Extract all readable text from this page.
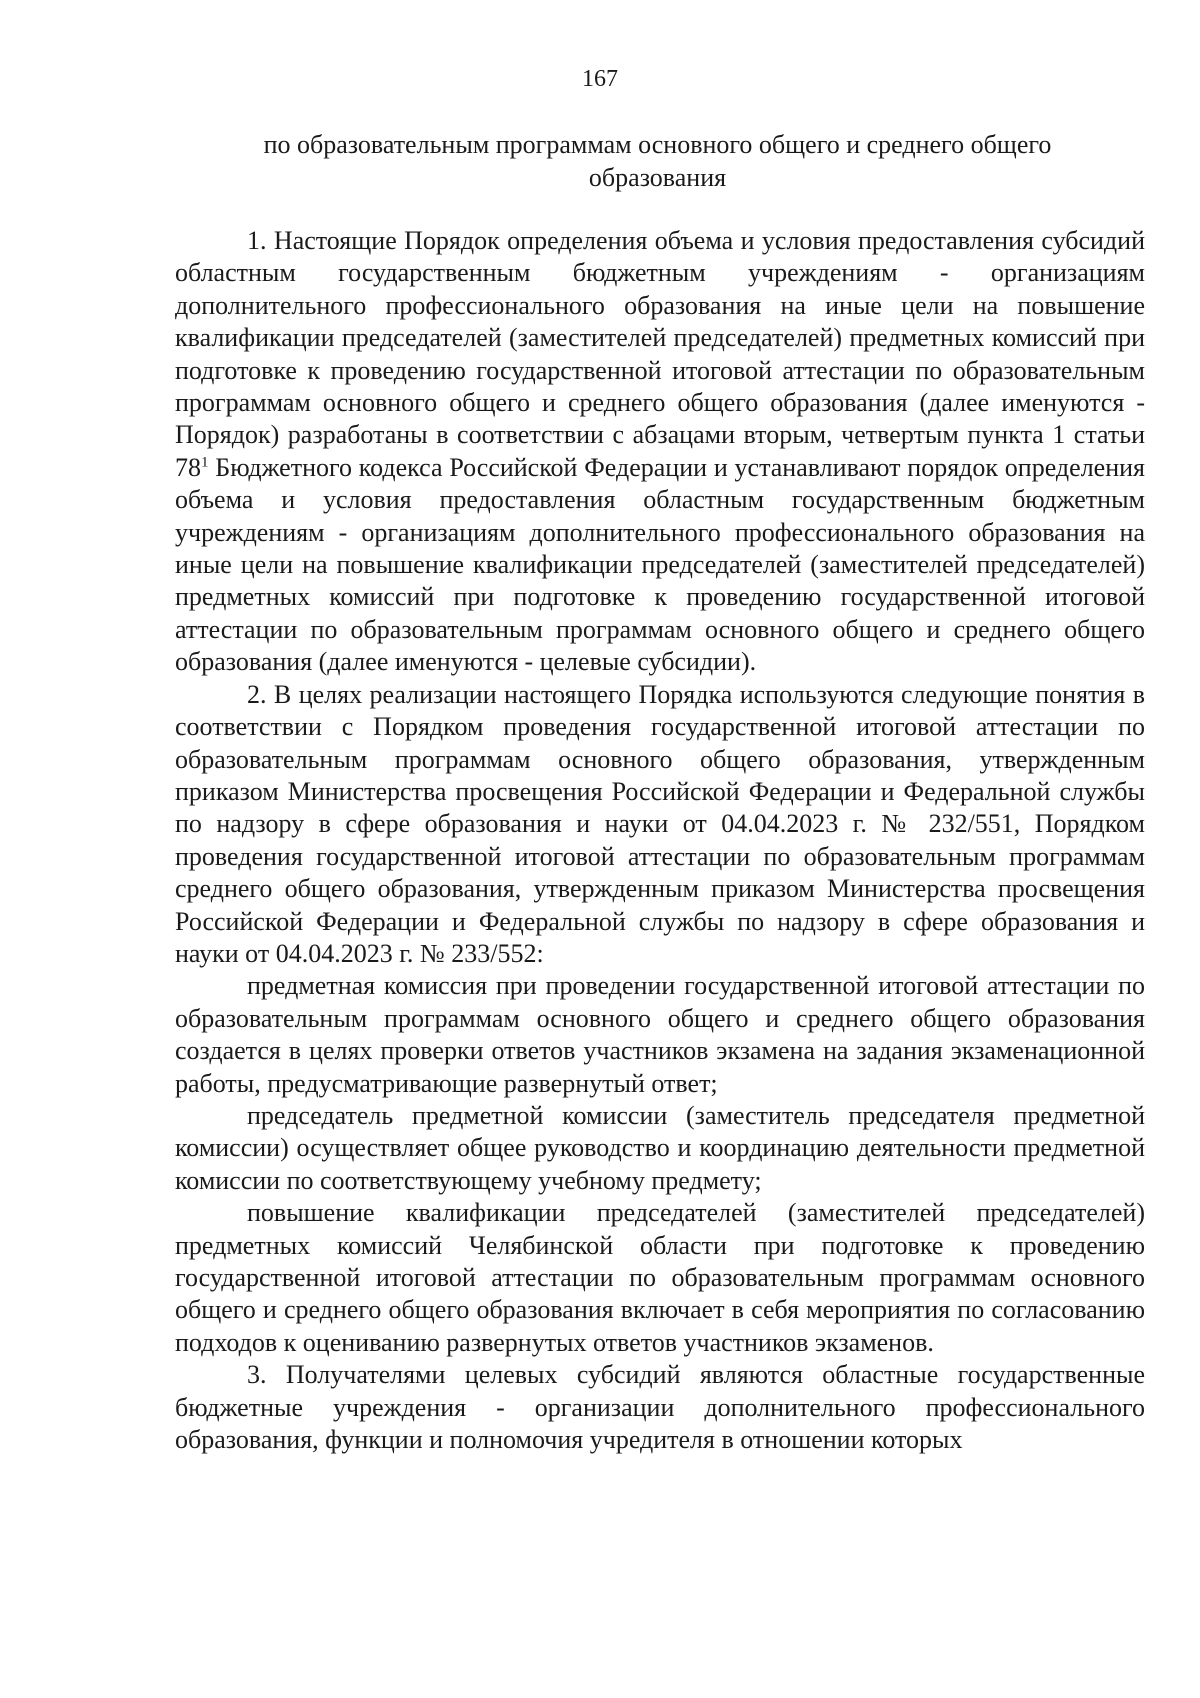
167
по образовательным программам основного общего и среднего общего
образования

1. Настоящие Порядок определения объема и условия предоставления субсидий областным государственным бюджетным учреждениям - организациям дополнительного профессионального образования на иные цели на повышение квалификации председателей (заместителей председателей) предметных комиссий при подготовке к проведению государственной итоговой аттестации по образовательным программам основного общего и среднего общего образования (далее именуются - Порядок) разработаны в соответствии с абзацами вторым, четвертым пункта 1 статьи $78^1$ Бюджетного кодекса Российской Федерации и устанавливают порядок определения объема и условия предоставления областным государственным бюджетным учреждениям - организациям дополнительного профессионального образования на иные цели на повышение квалификации председателей (заместителей председателей) предметных комиссий при подготовке к проведению государственной итоговой аттестации по образовательным программам основного общего и среднего общего образования (далее именуются - целевые субсидии).

2. В целях реализации настоящего Порядка используются следующие понятия в соответствии с Порядком проведения государственной итоговой аттестации по образовательным программам основного общего образования, утвержденным приказом Министерства просвещения Российской Федерации и Федеральной службы по надзору в сфере образования и науки от 04.04.2023 г. № 232/551, Порядком проведения государственной итоговой аттестации по образовательным программам среднего общего образования, утвержденным приказом Министерства просвещения Российской Федерации и Федеральной службы по надзору в сфере образования и науки от 04.04.2023 г. № 233/552:

предметная комиссия при проведении государственной итоговой аттестации по образовательным программам основного общего и среднего общего образования создается в целях проверки ответов участников экзамена на задания экзаменационной работы, предусматривающие развернутый ответ;

председатель предметной комиссии (заместитель председателя предметной комиссии) осуществляет общее руководство и координацию деятельности предметной комиссии по соответствующему учебному предмету;

повышение квалификации председателей (заместителей председателей) предметных комиссий Челябинской области при подготовке к проведению государственной итоговой аттестации по образовательным программам основного общего и среднего общего образования включает в себя мероприятия по согласованию подходов к оцениванию развернутых ответов участников экзаменов.

3. Получателями целевых субсидий являются областные государственные бюджетные учреждения - организации дополнительного профессионального образования, функции и полномочия учредителя в отношении которых
